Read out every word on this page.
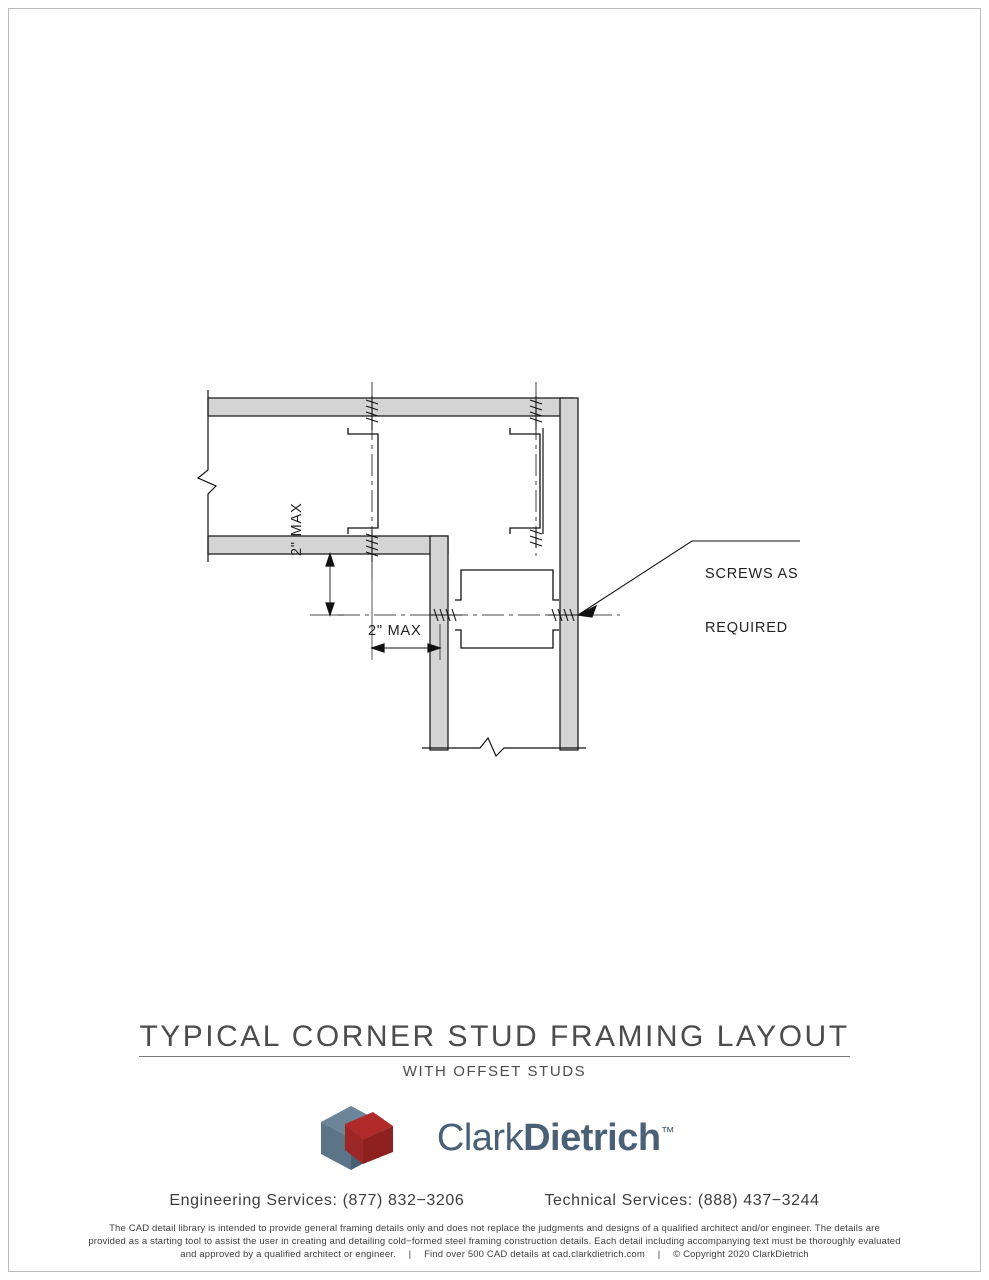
SCREWS AS

REQUIRED

2" MAX
2" MAX
TYPICAL CORNER STUD FRAMING LAYOUT
WITH OFFSET STUDS
ClarkDietrich™
Engineering Services: (877) 832−3206	Technical Services: (888) 437−3244
The CAD detail library is intended to provide general framing details only and does not replace the judgments and designs of a qualified architect and/or engineer. The details are
provided as a starting tool to assist the user in creating and detailing cold−formed steel framing construction details. Each detail including accompanying text must be thoroughly evaluated
and approved by a qualified architect or engineer. | Find over 500 CAD details at cad.clarkdietrich.com | © Copyright 2020 ClarkDietrich
